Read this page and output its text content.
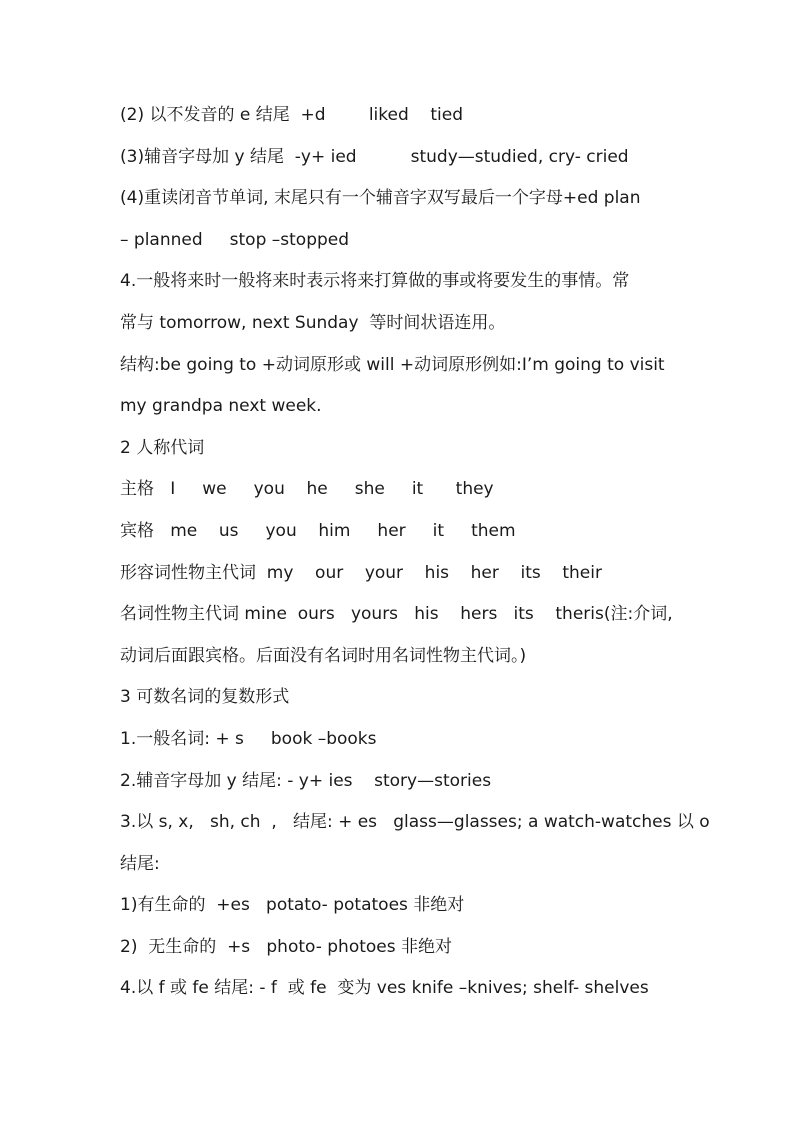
(2) 以不发音的 e 结尾  +d        liked    tied
(3)辅音字母加 y 结尾  -y+ ied          study—studied, cry- cried
(4)重读闭音节单词, 末尾只有一个辅音字双写最后一个字母+ed plan
– planned     stop –stopped
4.一般将来时一般将来时表示将来打算做的事或将要发生的事情。常
常与 tomorrow, next Sunday  等时间状语连用。
结构:be going to +动词原形或 will +动词原形例如:I’m going to visit
my grandpa next week.
2 人称代词
主格   I     we     you    he     she     it      they
宾格   me    us     you    him     her     it     them
形容词性物主代词  my    our    your    his    her    its    their
名词性物主代词 mine  ours   yours   his    hers   its    theris(注:介词,
动词后面跟宾格。后面没有名词时用名词性物主代词。)
3 可数名词的复数形式
1.一般名词: + s     book –books
2.辅音字母加 y 结尾: - y+ ies    story—stories
3.以 s, x,   sh, ch  ,   结尾: + es   glass—glasses; a watch-watches 以 o
结尾:
1)有生命的  +es   potato- potatoes 非绝对
2)  无生命的  +s   photo- photoes 非绝对
4.以 f 或 fe 结尾: - f  或 fe  变为 ves knife –knives; shelf- shelves
